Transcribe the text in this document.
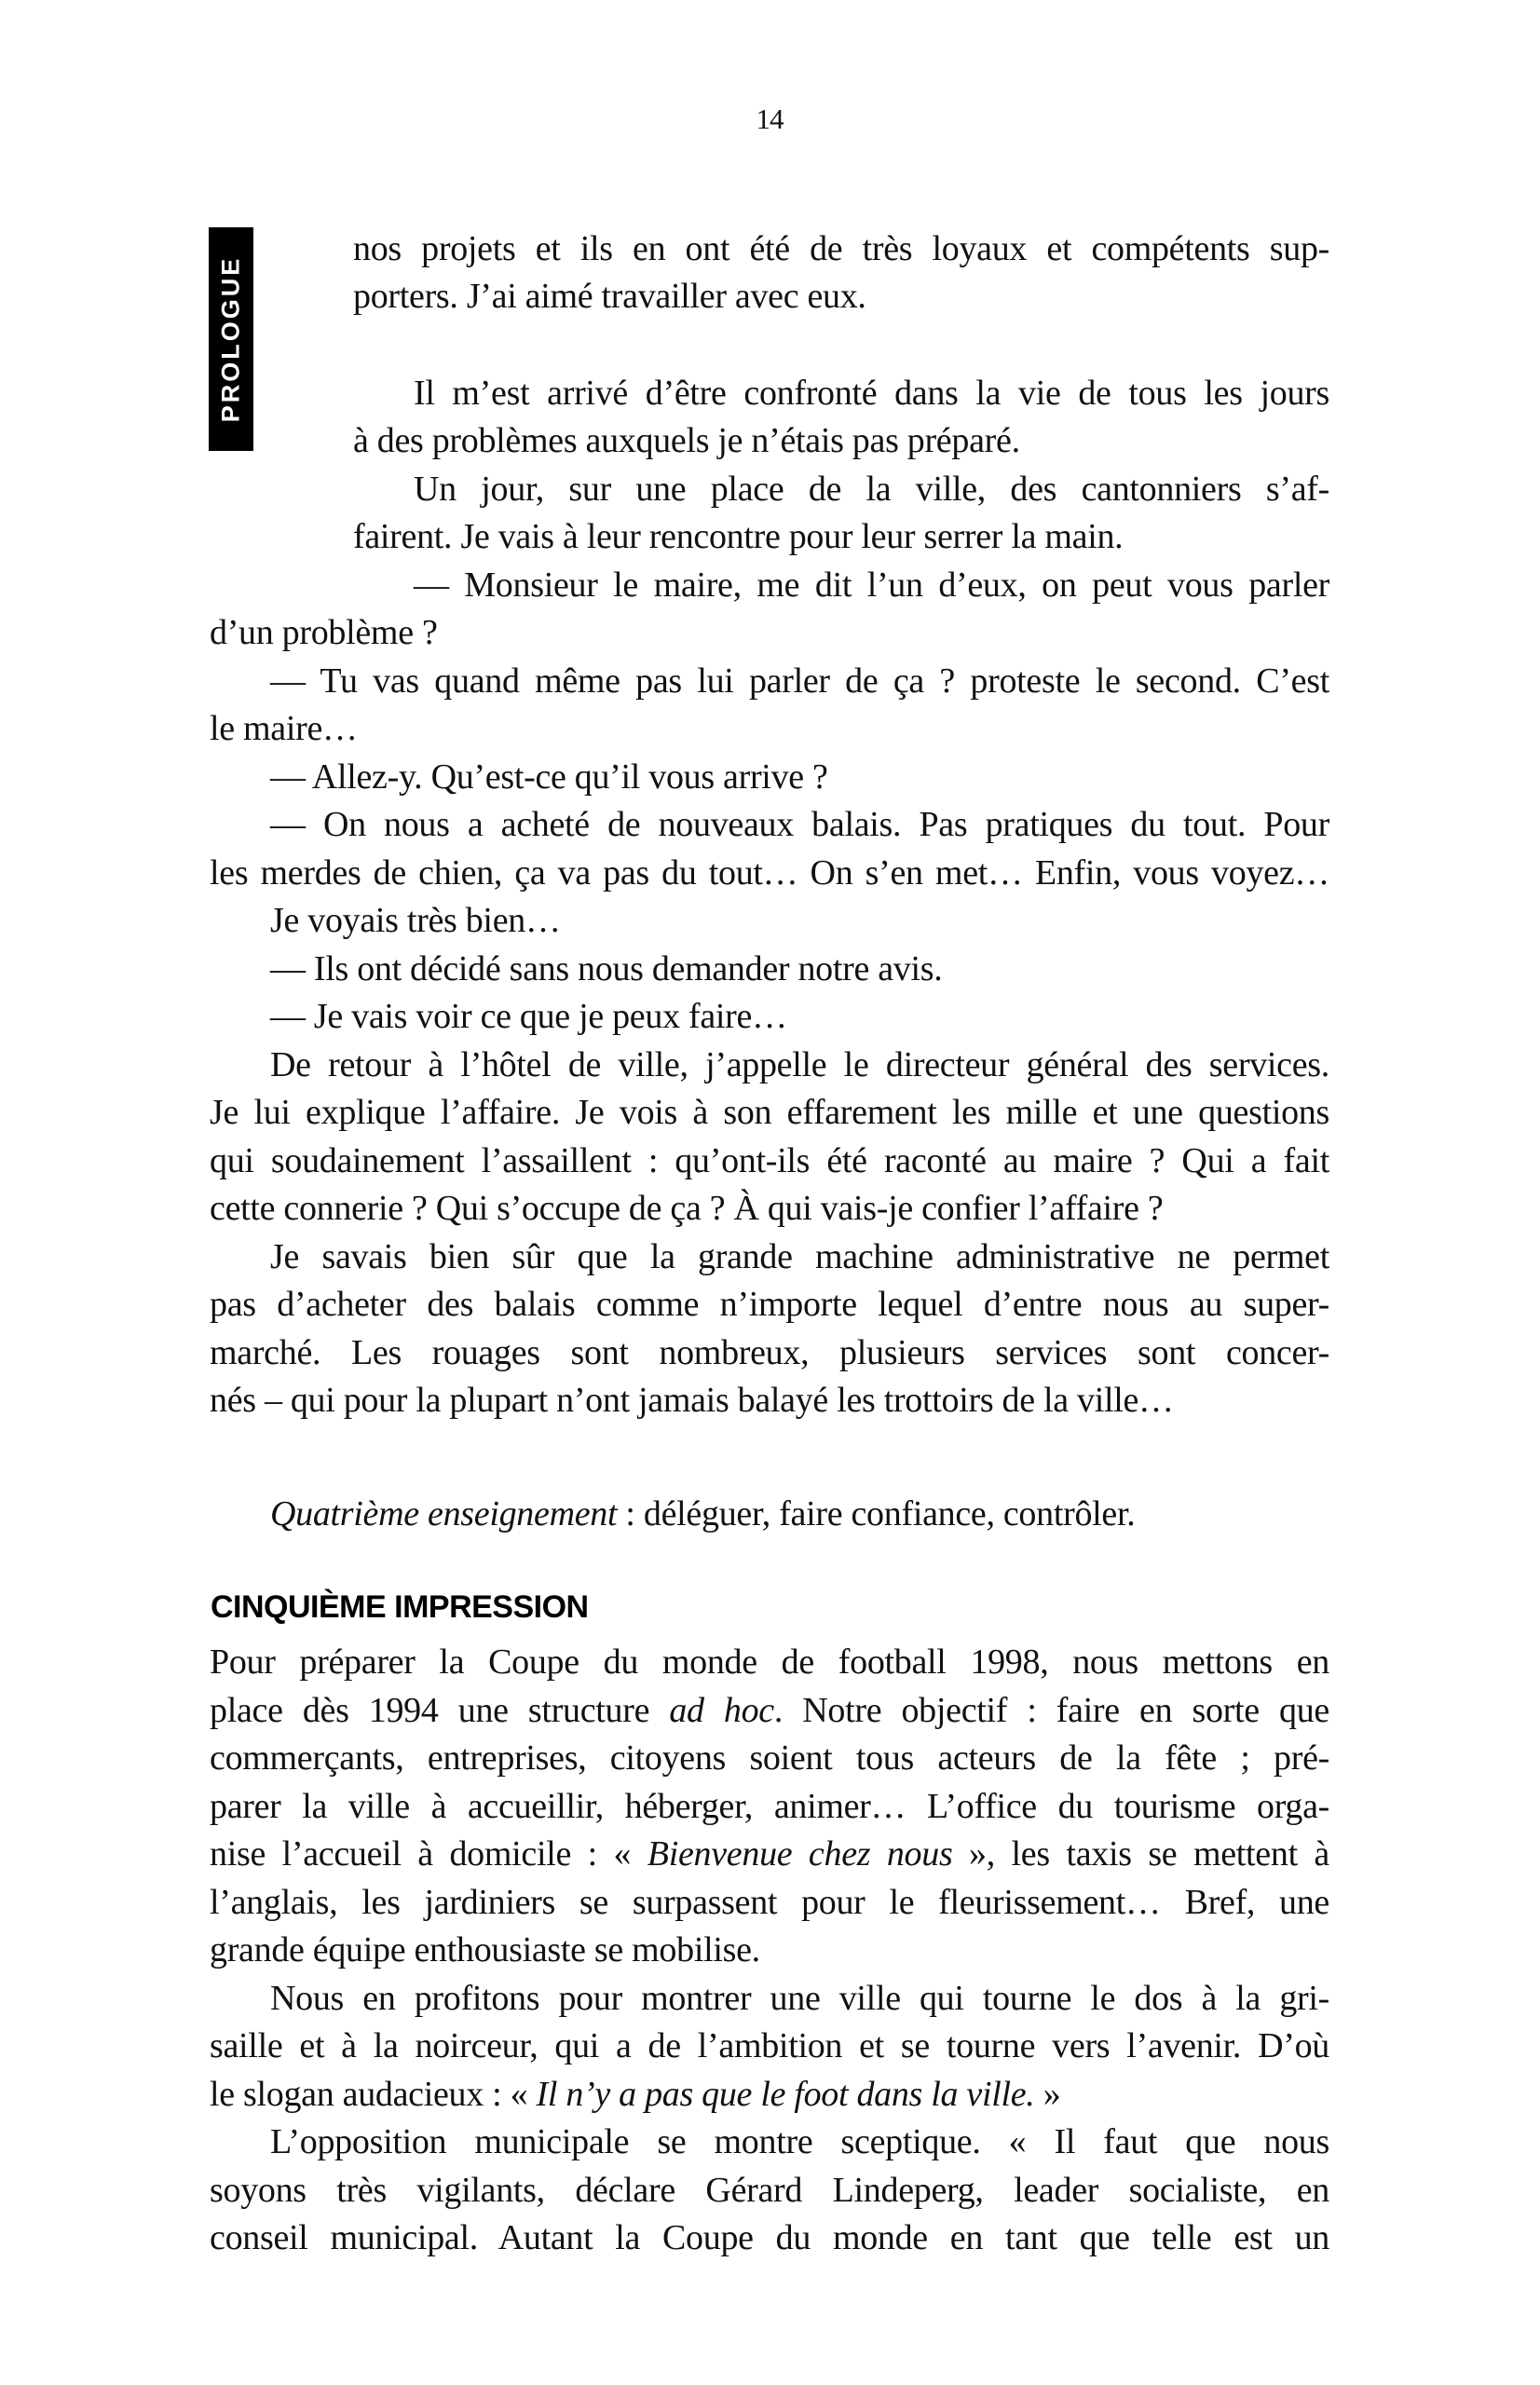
14
PROLOGUE
nos projets et ils en ont été de très loyaux et compétents sup-
porters. J’ai aimé travailler avec eux.
Il m’est arrivé d’être confronté dans la vie de tous les jours
à des problèmes auxquels je n’étais pas préparé.
Un jour, sur une place de la ville, des cantonniers s’af-
fairent. Je vais à leur rencontre pour leur serrer la main.
— Monsieur le maire, me dit l’un d’eux, on peut vous parler
d’un problème ?
— Tu vas quand même pas lui parler de ça ? proteste le second. C’est
le maire…
— Allez-y. Qu’est-ce qu’il vous arrive ?
— On nous a acheté de nouveaux balais. Pas pratiques du tout. Pour
les merdes de chien, ça va pas du tout… On s’en met… Enfin, vous voyez…
Je voyais très bien…
— Ils ont décidé sans nous demander notre avis.
— Je vais voir ce que je peux faire…
De retour à l’hôtel de ville, j’appelle le directeur général des services.
Je lui explique l’affaire. Je vois à son effarement les mille et une questions
qui soudainement l’assaillent : qu’ont-ils été raconté au maire ? Qui a fait
cette connerie ? Qui s’occupe de ça ? À qui vais-je confier l’affaire ?
Je savais bien sûr que la grande machine administrative ne permet
pas d’acheter des balais comme n’importe lequel d’entre nous au super-
marché. Les rouages sont nombreux, plusieurs services sont concer-
nés – qui pour la plupart n’ont jamais balayé les trottoirs de la ville…
Quatrième enseignement : déléguer, faire confiance, contrôler.
CINQUIÈME IMPRESSION
Pour préparer la Coupe du monde de football 1998, nous mettons en
place dès 1994 une structure ad hoc. Notre objectif : faire en sorte que
commerçants, entreprises, citoyens soient tous acteurs de la fête ; pré-
parer la ville à accueillir, héberger, animer… L’office du tourisme orga-
nise l’accueil à domicile : « Bienvenue chez nous », les taxis se mettent à
l’anglais, les jardiniers se surpassent pour le fleurissement… Bref, une
grande équipe enthousiaste se mobilise.
Nous en profitons pour montrer une ville qui tourne le dos à la gri-
saille et à la noirceur, qui a de l’ambition et se tourne vers l’avenir. D’où
le slogan audacieux : « Il n’y a pas que le foot dans la ville. »
L’opposition municipale se montre sceptique. « Il faut que nous
soyons très vigilants, déclare Gérard Lindeperg, leader socialiste, en
conseil municipal. Autant la Coupe du monde en tant que telle est un
